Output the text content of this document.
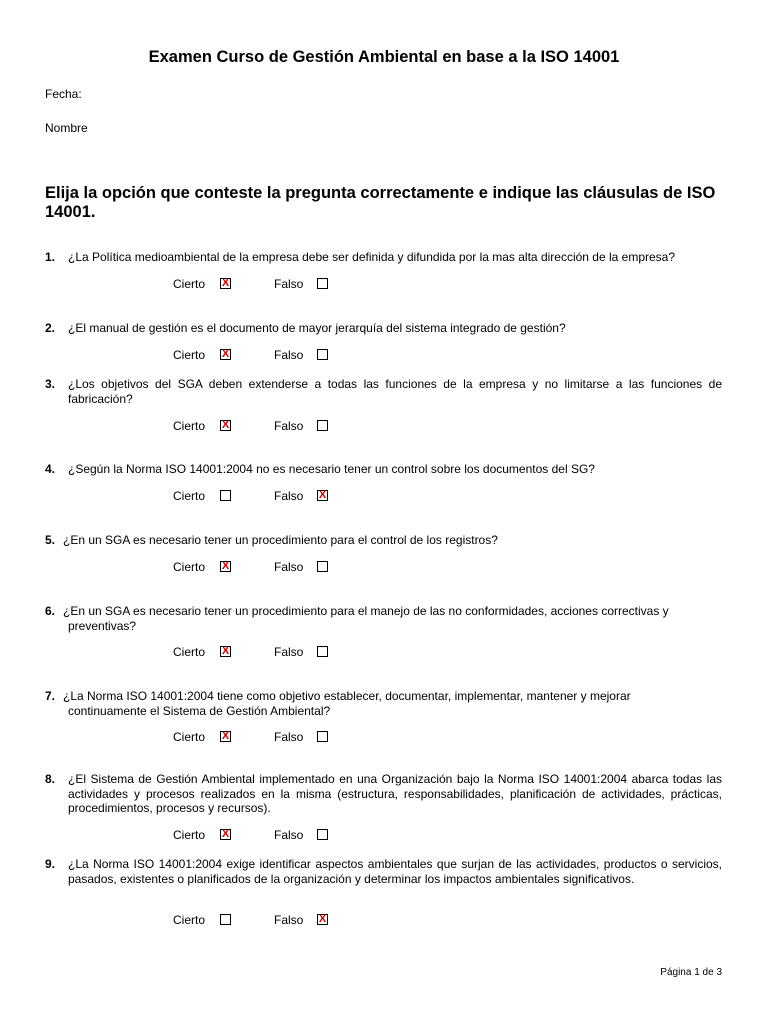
Examen Curso de Gestión Ambiental en base a la ISO 14001
Fecha:
Nombre
Elija la opción que conteste la pregunta correctamente e indique las cláusulas de ISO 14001.
1. ¿La Política medioambiental de la empresa debe ser definida y difundida por la mas alta dirección de la empresa?
Cierto X	Falso
2. ¿El manual de gestión es el documento de mayor jerarquía del sistema integrado de gestión?
Cierto X	Falso
3. ¿Los objetivos del SGA deben extenderse a todas las funciones de la empresa y no limitarse a las funciones de fabricación?
Cierto X	Falso
4. ¿Según la Norma ISO 14001:2004 no es necesario tener un control sobre los documentos del SG?
Cierto	Falso X
5. ¿En un SGA es necesario tener un procedimiento para el control de los registros?
Cierto X	Falso
6. ¿En un SGA es necesario tener un procedimiento para el manejo de las no conformidades, acciones correctivas y
preventivas?
Cierto X	Falso
7. ¿La Norma ISO 14001:2004 tiene como objetivo establecer, documentar, implementar, mantener y mejorar
continuamente el Sistema de Gestión Ambiental?
Cierto X	Falso
8. ¿El Sistema de Gestión Ambiental implementado en una Organización bajo la Norma ISO 14001:2004 abarca todas las actividades y procesos realizados en la misma (estructura, responsabilidades, planificación de actividades, prácticas, procedimientos, procesos y recursos).
Cierto X	Falso
9. ¿La Norma ISO 14001:2004 exige identificar aspectos ambientales que surjan de las actividades, productos o servicios, pasados, existentes o planificados de la organización y determinar los impactos ambientales significativos.
Cierto	Falso X
Página 1 de 3
